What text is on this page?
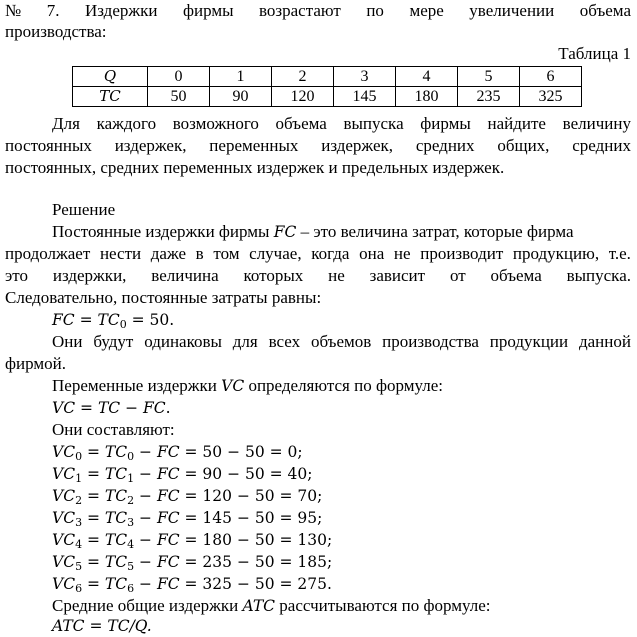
№ 7. Издержки фирмы возрастают по мере увеличении объема
производства:
Таблица 1
Q	0	1	2	3	4	5	6
TC	50	90	120	145	180	235	325
Для каждого возможного объема выпуска фирмы найдите величину
постоянных издержек, переменных издержек, средних общих, средних
постоянных, средних переменных издержек и предельных издержек.
Решение
Постоянные издержки фирмы FC – это величина затрат, которые фирма
продолжает нести даже в том случае, когда она не производит продукцию, т.е.
это издержки, величина которых не зависит от объема выпуска.
Следовательно, постоянные затраты равны:
FC = $TC_0 = 50$.
Они будут одинаковы для всех объемов производства продукции данной
фирмой.
Переменные издержки VC определяются по формуле:
VC = TC − FC.
Они составляют:
$VC_0 = TC_0$ − FC = 50 − 50 = 0;
$VC_1 = TC_1$ − FC = 90 − 50 = 40;
$VC_2 = TC_2$ − FC = 120 − 50 = 70;
$VC_3 = TC_3$ − FC = 145 − 50 = 95;
$VC_4 = TC_4$ − FC = 180 − 50 = 130;
$VC_5 = TC_5$ − FC = 235 − 50 = 185;
$VC_6 = TC_6$ − FC = 325 − 50 = 275.
Средние общие издержки ATC рассчитываются по формуле:
ATC = TC/Q.
